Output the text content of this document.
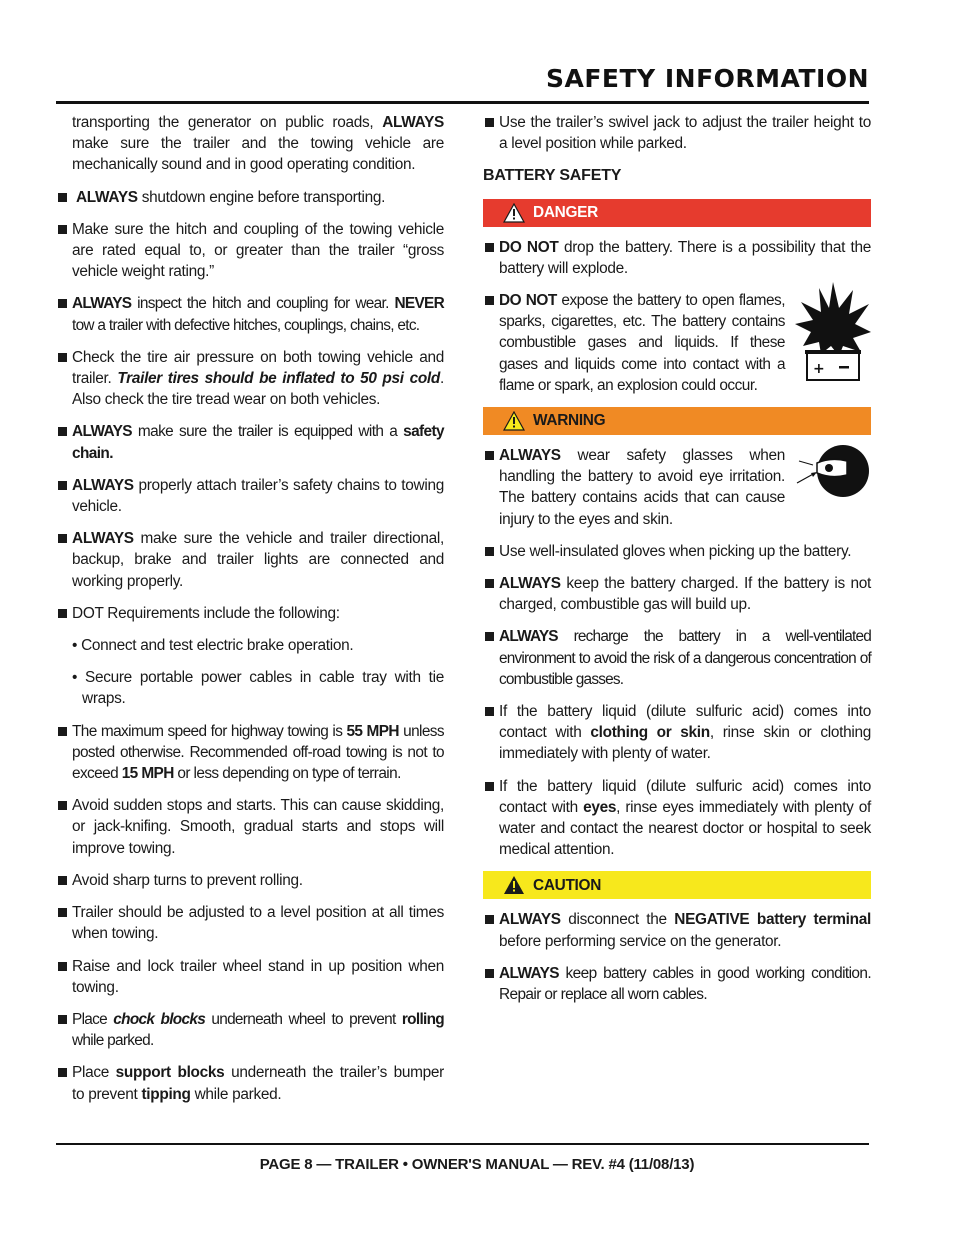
SAFETY INFORMATION
transporting the generator on public roads, ALWAYS make sure the trailer and the towing vehicle are mechanically sound and in good operating condition.
ALWAYS shutdown engine before transporting.
Make sure the hitch and coupling of the towing vehicle are rated equal to, or greater than the trailer “gross vehicle weight rating.”
ALWAYS inspect the hitch and coupling for wear. NEVER tow a trailer with defective hitches, couplings, chains, etc.
Check the tire air pressure on both towing vehicle and trailer. Trailer tires should be inflated to 50 psi cold. Also check the tire tread wear on both vehicles.
ALWAYS make sure the trailer is equipped with a safety chain.
ALWAYS properly attach trailer’s safety chains to towing vehicle.
ALWAYS make sure the vehicle and trailer directional, backup, brake and trailer lights are connected and working properly.
DOT Requirements include the following:
• Connect and test electric brake operation.
• Secure portable power cables in cable tray with tie wraps.
The maximum speed for highway towing is 55 MPH unless posted otherwise. Recommended off-road towing is not to exceed 15 MPH or less depending on type of terrain.
Avoid sudden stops and starts. This can cause skidding, or jack-knifing. Smooth, gradual starts and stops will improve towing.
Avoid sharp turns to prevent rolling.
Trailer should be adjusted to a level position at all times when towing.
Raise and lock trailer wheel stand in up position when towing.
Place chock blocks underneath wheel to prevent rolling while parked.
Place support blocks underneath the trailer’s bumper to prevent tipping while parked.
Use the trailer’s swivel jack to adjust the trailer height to a level position while parked.
BATTERY SAFETY
DANGER
DO NOT drop the battery. There is a possibility that the battery will explode.
DO NOT expose the battery to open flames, sparks, cigarettes, etc. The battery contains combustible gases and liquids. If these gases and liquids come into contact with a flame or spark, an explosion could occur.
+
WARNING
ALWAYS wear safety glasses when handling the battery to avoid eye irritation. The battery contains acids that can cause injury to the eyes and skin.
Use well-insulated gloves when picking up the battery.
ALWAYS keep the battery charged. If the battery is not charged, combustible gas will build up.
ALWAYS recharge the battery in a well-ventilated environment to avoid the risk of a dangerous concentration of combustible gasses.
If the battery liquid (dilute sulfuric acid) comes into contact with clothing or skin, rinse skin or clothing immediately with plenty of water.
If the battery liquid (dilute sulfuric acid) comes into contact with eyes, rinse eyes immediately with plenty of water and contact the nearest doctor or hospital to seek medical attention.
CAUTION
ALWAYS disconnect the NEGATIVE battery terminal before performing service on the generator.
ALWAYS keep battery cables in good working condition. Repair or replace all worn cables.
PAGE 8 — TRAILER • OWNER'S MANUAL — REV. #4 (11/08/13)
